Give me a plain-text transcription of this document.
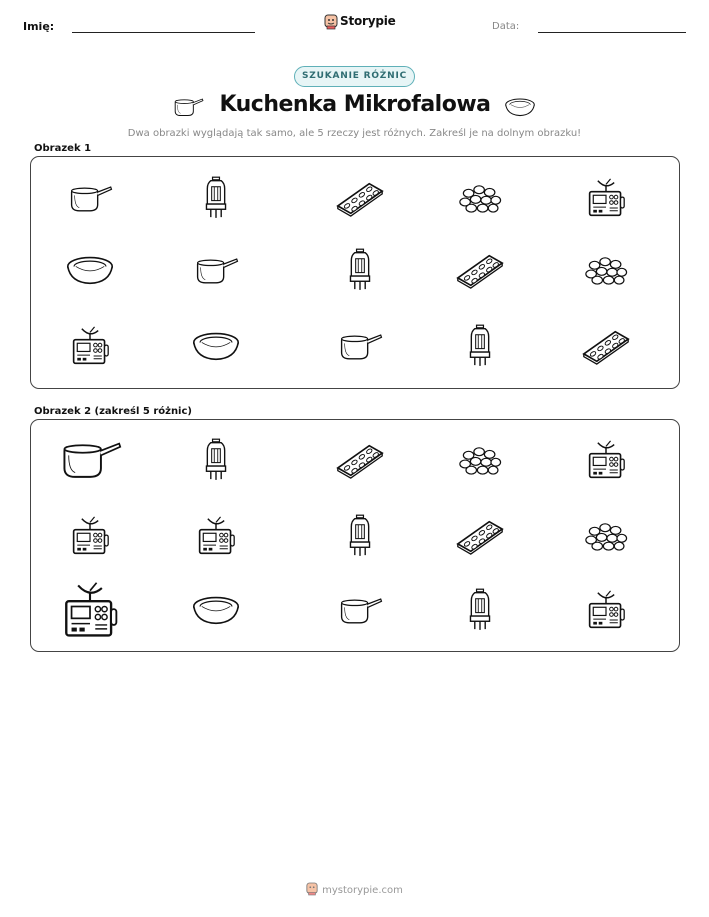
Imię:	Storypie	Data:
SZUKANIE RÓŻNIC
Kuchenka Mikrofalowa
Dwa obrazki wyglądają tak samo, ale 5 rzeczy jest różnych. Zakreśl je na dolnym obrazku!
Obrazek 1
Obrazek 2 (zakreśl 5 różnic)
mystorypie.com
